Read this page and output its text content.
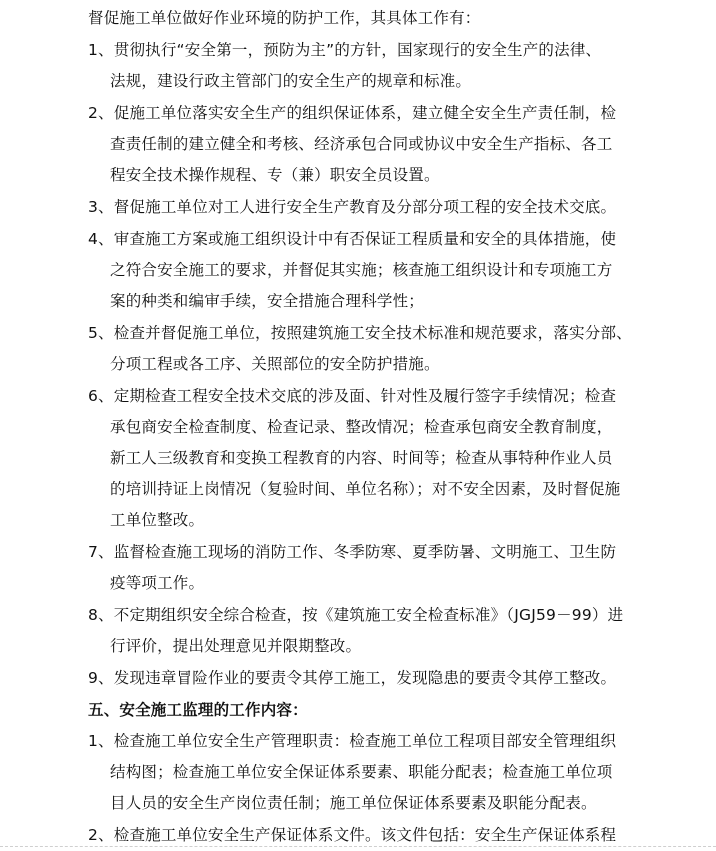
督促施工单位做好作业环境的防护工作，其具体工作有：
1、贯彻执行“安全第一，预防为主”的方针，国家现行的安全生产的法律、
法规，建设行政主管部门的安全生产的规章和标准。
2、促施工单位落实安全生产的组织保证体系，建立健全安全生产责任制，检
查责任制的建立健全和考核、经济承包合同或协议中安全生产指标、各工
程安全技术操作规程、专（兼）职安全员设置。
3、督促施工单位对工人进行安全生产教育及分部分项工程的安全技术交底。
4、审查施工方案或施工组织设计中有否保证工程质量和安全的具体措施，使
之符合安全施工的要求，并督促其实施；核查施工组织设计和专项施工方
案的种类和编审手续，安全措施合理科学性；
5、检查并督促施工单位，按照建筑施工安全技术标准和规范要求，落实分部、
分项工程或各工序、关照部位的安全防护措施。
6、定期检查工程安全技术交底的涉及面、针对性及履行签字手续情况；检查
承包商安全检查制度、检查记录、整改情况；检查承包商安全教育制度，
新工人三级教育和变换工程教育的内容、时间等；检查从事特种作业人员
的培训持证上岗情况（复验时间、单位名称）；对不安全因素，及时督促施
工单位整改。
7、监督检查施工现场的消防工作、冬季防寒、夏季防暑、文明施工、卫生防
疫等项工作。
8、不定期组织安全综合检查，按《建筑施工安全检查标准》（JGJ59－99）进
行评价，提出处理意见并限期整改。
9、发现违章冒险作业的要责令其停工施工，发现隐患的要责令其停工整改。
五、安全施工监理的工作内容：
1、检查施工单位安全生产管理职责：检查施工单位工程项目部安全管理组织
结构图；检查施工单位安全保证体系要素、职能分配表；检查施工单位项
目人员的安全生产岗位责任制；施工单位保证体系要素及职能分配表。
2、检查施工单位安全生产保证体系文件。该文件包括：安全生产保证体系程
